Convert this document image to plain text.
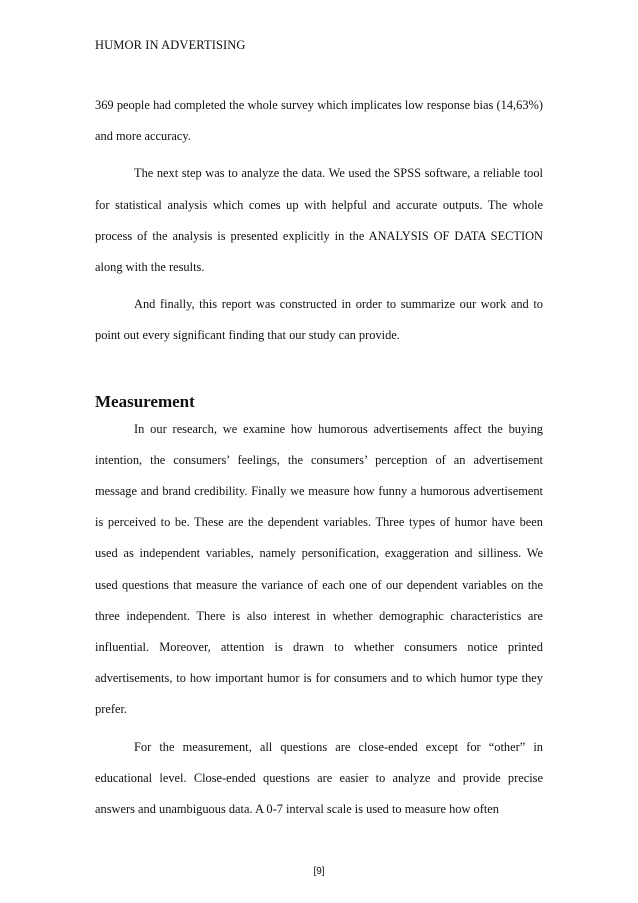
HUMOR IN ADVERTISING

369 people had completed the whole survey which implicates low response bias (14,63%) and more accuracy.

The next step was to analyze the data. We used the SPSS software, a reliable tool for statistical analysis which comes up with helpful and accurate outputs. The whole process of the analysis is presented explicitly in the ANALYSIS OF DATA SECTION along with the results.

And finally, this report was constructed in order to summarize our work and to point out every significant finding that our study can provide.

Measurement

In our research, we examine how humorous advertisements affect the buying intention, the consumers’ feelings, the consumers’ perception of an advertisement message and brand credibility. Finally we measure how funny a humorous advertisement is perceived to be. These are the dependent variables. Three types of humor have been used as independent variables, namely personification, exaggeration and silliness. We used questions that measure the variance of each one of our dependent variables on the three independent. There is also interest in whether demographic characteristics are influential. Moreover, attention is drawn to whether consumers notice printed advertisements, to how important humor is for consumers and to which humor type they prefer.

For the measurement, all questions are close-ended except for “other” in educational level. Close-ended questions are easier to analyze and provide precise answers and unambiguous data. A 0-7 interval scale is used to measure how often

[9]
